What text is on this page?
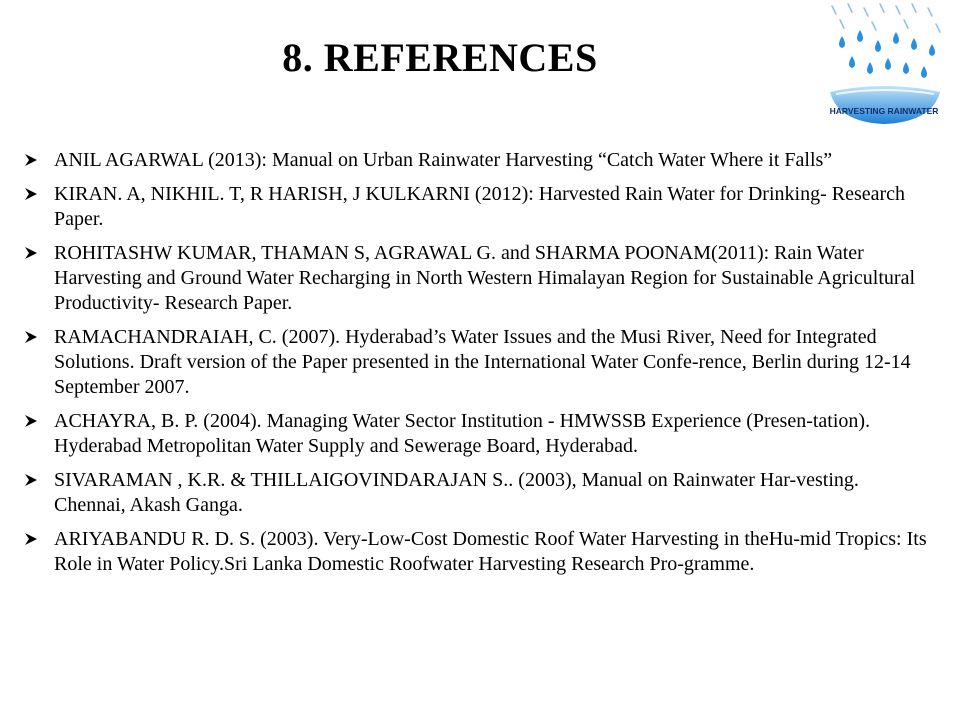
8. REFERENCES
HARVESTING RAINWATER
ANIL AGARWAL (2013): Manual on Urban Rainwater Harvesting “Catch Water Where it Falls”
KIRAN. A, NIKHIL. T, R HARISH, J KULKARNI (2012): Harvested Rain Water for Drinking- Research Paper.
ROHITASHW KUMAR, THAMAN S, AGRAWAL G. and SHARMA POONAM(2011): Rain Water Harvesting and Ground Water Recharging in North Western Himalayan Region for Sustainable Agricultural Productivity- Research Paper.
RAMACHANDRAIAH, C. (2007). Hyderabad’s Water Issues and the Musi River, Need for Integrated Solutions. Draft version of the Paper presented in the International Water Confe-rence, Berlin during 12-14 September 2007.
ACHAYRA, B. P. (2004). Managing Water Sector Institution - HMWSSB Experience (Presen-tation). Hyderabad Metropolitan Water Supply and Sewerage Board, Hyderabad.
SIVARAMAN , K.R. & THILLAIGOVINDARAJAN S.. (2003), Manual on Rainwater Har-vesting. Chennai, Akash Ganga.
ARIYABANDU R. D. S. (2003). Very-Low-Cost Domestic Roof Water Harvesting in theHu-mid Tropics: Its Role in Water Policy.Sri Lanka Domestic Roofwater Harvesting Research Pro-gramme.
